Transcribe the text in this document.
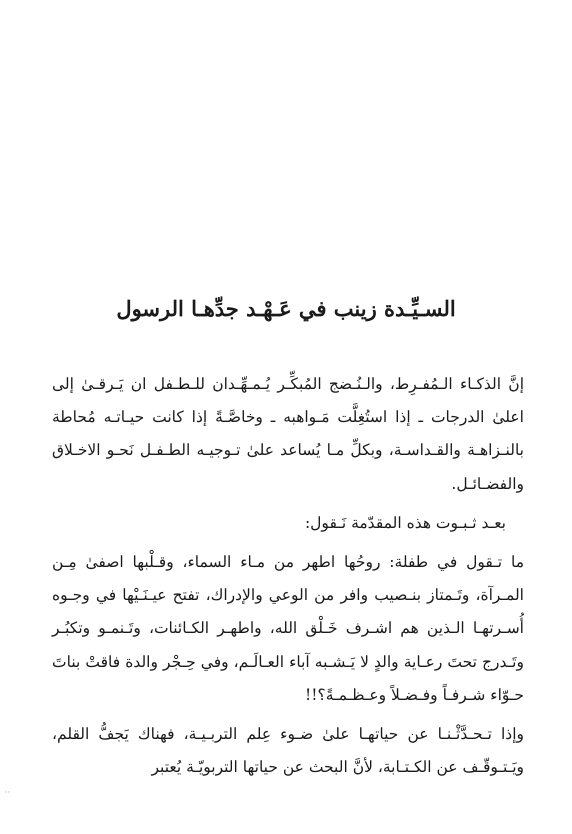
السـيِّـدة زينب في عَـهْـد جدِّهـا الرسول

إنَّ الذكـاء الـمُفـرِط، والـنُـضج المُبكِّـر يُـمـهِّـدان للـطـفل ان يَـرقـىٰ إلى اعلىٰ الدرجات ـ إذا استُغِلَّت مَـواهبه ـ وخاصَّـةً إذا كانت حيـاتـه مُحاطة بالنـزاهـة والقـداسـة، وبكلِّ مـا يُساعد علىٰ تـوجيـه الطـفـل نَحـو الاخـلاق والفضـائـل.

بعـد ثـبـوت هذه المقدّمة نَـقول:

ما تـقول في طفلة: روحُها اطهر من مـاء السماء، وقـلْبها اصفىٰ مِـن المـرآة، وتَـمتاز بنـصيب وافر من الوعي والإدراك، تفتح عيـنَـيْها في وجـوه أُسـرتهـا الـذين هم اشـرف خَـلْق الله، واطهـر الكـائنات، وتَـنمـو وتكبُـر وتَـدرج تحتَ رعـاية والدٍ لا يَـشـبه آباء العـالَـم، وفي حِـجْر والدة فاقتْ بناتَ حـوّاء شـرفـاً وفـضـلاً وعـظـمـةً؟!!

وإذا تـحـدَّثْـنـا عن حياتهـا علىٰ ضـوء عِلم التربـيـة، فهناك يَجفُّ القلم، ويَـتـوقّـف عن الكـتـابة، لأنَّ البحث عن حياتها التربويّـة يُعتبر

··
